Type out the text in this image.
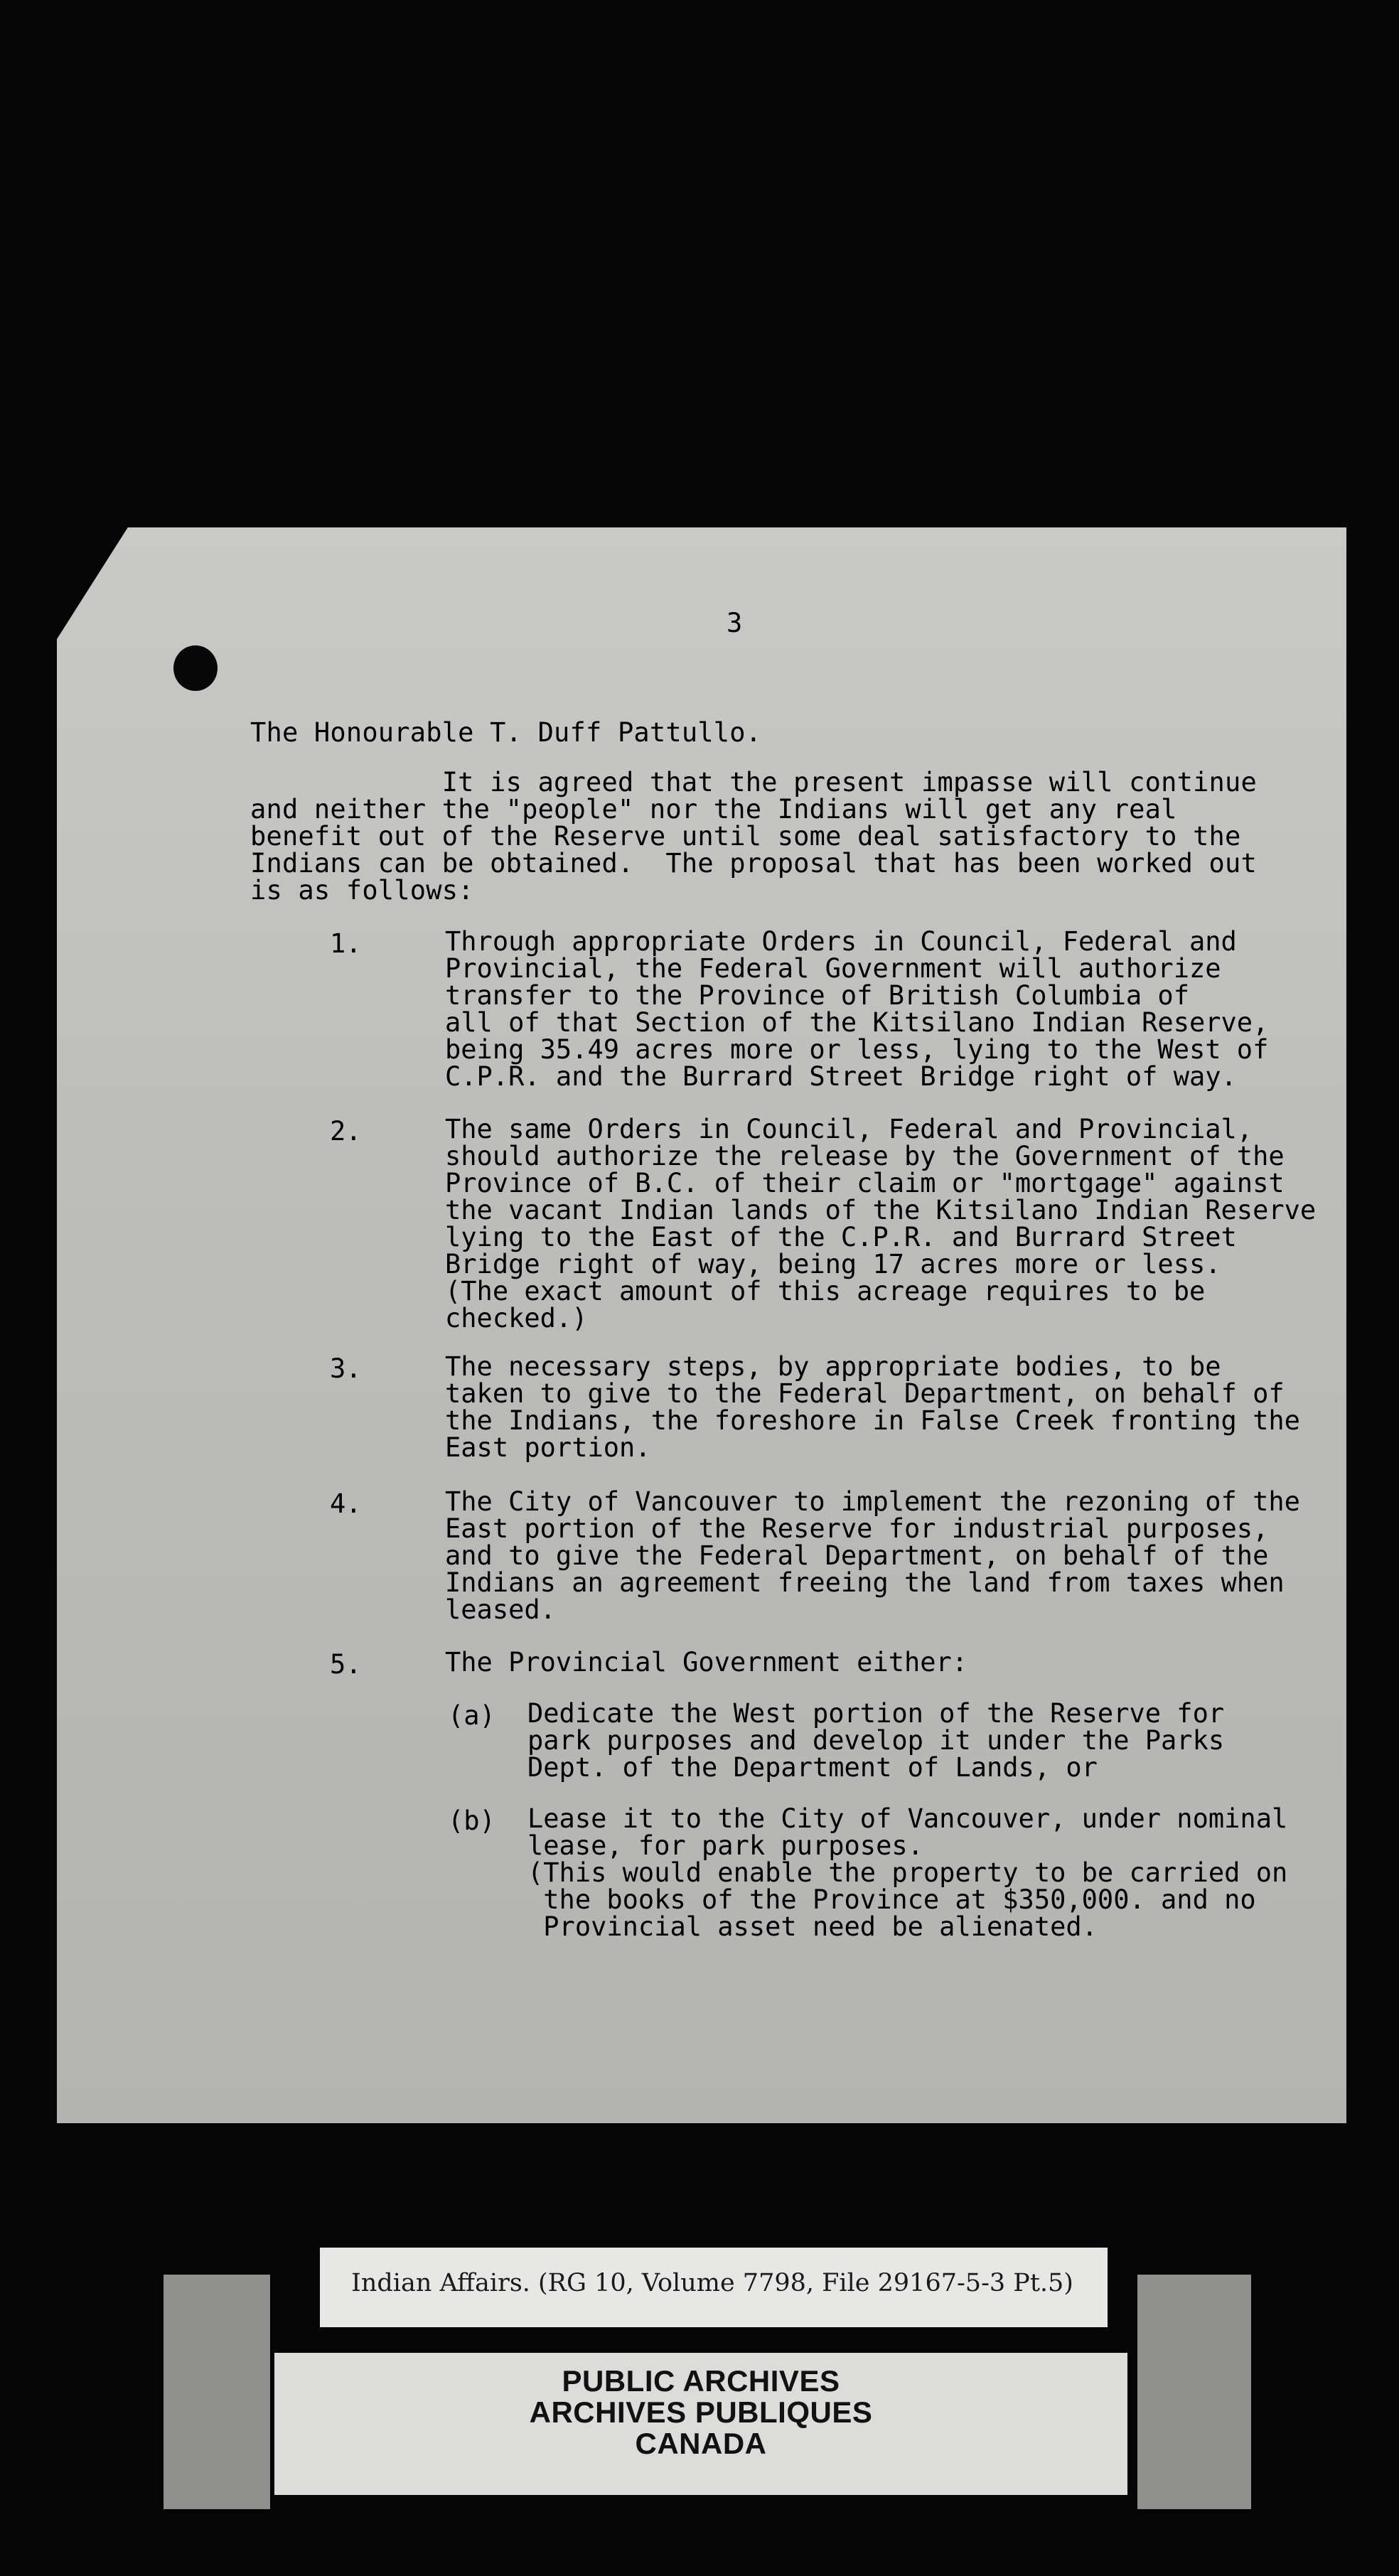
3
The Honourable T. Duff Pattullo.
It is agreed that the present impasse will continue
and neither the "people" nor the Indians will get any real
benefit out of the Reserve until some deal satisfactory to the
Indians can be obtained.  The proposal that has been worked out
is as follows:
1.	Through appropriate Orders in Council, Federal and
Provincial, the Federal Government will authorize
transfer to the Province of British Columbia of
all of that Section of the Kitsilano Indian Reserve,
being 35.49 acres more or less, lying to the West of
C.P.R. and the Burrard Street Bridge right of way.
2.	The same Orders in Council, Federal and Provincial,
should authorize the release by the Government of the
Province of B.C. of their claim or "mortgage" against
the vacant Indian lands of the Kitsilano Indian Reserve
lying to the East of the C.P.R. and Burrard Street
Bridge right of way, being 17 acres more or less.
(The exact amount of this acreage requires to be
checked.)
3.	The necessary steps, by appropriate bodies, to be
taken to give to the Federal Department, on behalf of
the Indians, the foreshore in False Creek fronting the
East portion.
4.	The City of Vancouver to implement the rezoning of the
East portion of the Reserve for industrial purposes,
and to give the Federal Department, on behalf of the
Indians an agreement freeing the land from taxes when
leased.
5.	The Provincial Government either:
(a) Dedicate the West portion of the Reserve for
park purposes and develop it under the Parks
Dept. of the Department of Lands, or
(b) Lease it to the City of Vancouver, under nominal
lease, for park purposes.
(This would enable the property to be carried on
the books of the Province at $350,000. and no
Provincial asset need be alienated.
Indian Affairs. (RG 10, Volume 7798, File 29167-5-3 Pt.5)
PUBLIC ARCHIVES
ARCHIVES PUBLIQUES
CANADA
